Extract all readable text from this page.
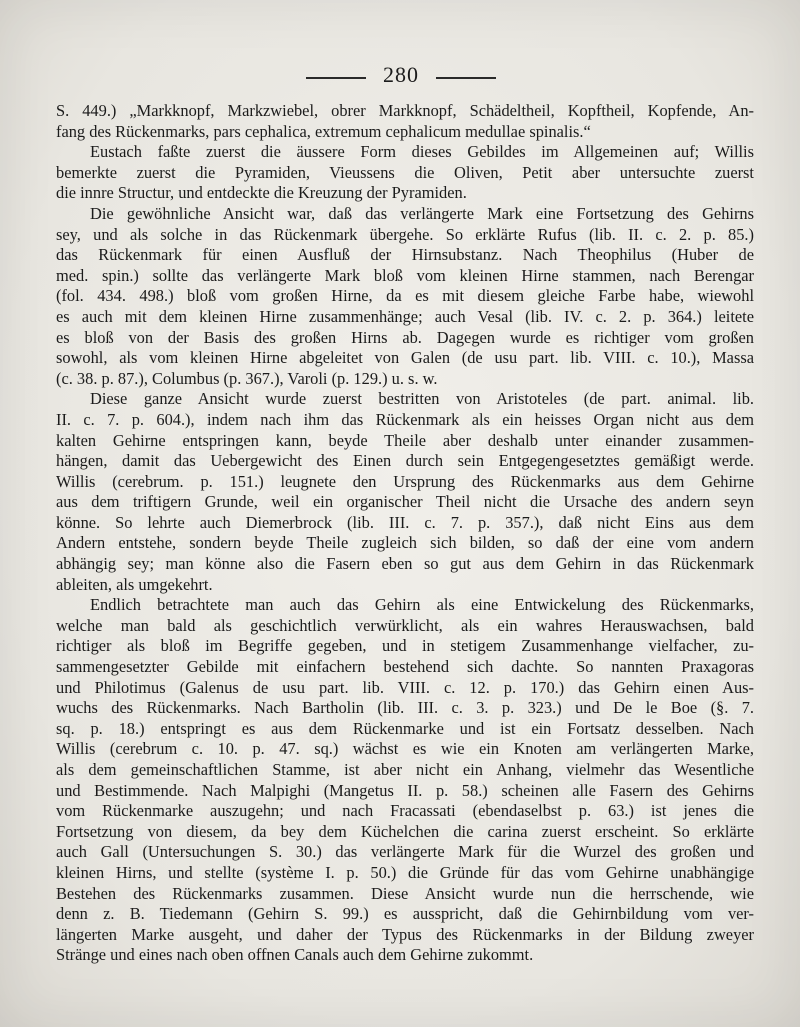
280
S. 449.) „Markknopf, Markzwiebel, obrer Markknopf, Schädeltheil, Kopftheil, Kopfende, An-
fang des Rückenmarks, pars cephalica, extremum cephalicum medullae spinalis.“
Eustach faßte zuerst die äussere Form dieses Gebildes im Allgemeinen auf; Willis
bemerkte zuerst die Pyramiden, Vieussens die Oliven, Petit aber untersuchte zuerst
die innre Structur, und entdeckte die Kreuzung der Pyramiden.
Die gewöhnliche Ansicht war, daß das verlängerte Mark eine Fortsetzung des Gehirns
sey, und als solche in das Rückenmark übergehe. So erklärte Rufus (lib. II. c. 2. p. 85.)
das Rückenmark für einen Ausfluß der Hirnsubstanz. Nach Theophilus (Huber de
med. spin.) sollte das verlängerte Mark bloß vom kleinen Hirne stammen, nach Berengar
(fol. 434. 498.) bloß vom großen Hirne, da es mit diesem gleiche Farbe habe, wiewohl
es auch mit dem kleinen Hirne zusammenhänge; auch Vesal (lib. IV. c. 2. p. 364.) leitete
es bloß von der Basis des großen Hirns ab. Dagegen wurde es richtiger vom großen
sowohl, als vom kleinen Hirne abgeleitet von Galen (de usu part. lib. VIII. c. 10.), Massa
(c. 38. p. 87.), Columbus (p. 367.), Varoli (p. 129.) u. s. w.
Diese ganze Ansicht wurde zuerst bestritten von Aristoteles (de part. animal. lib.
II. c. 7. p. 604.), indem nach ihm das Rückenmark als ein heisses Organ nicht aus dem
kalten Gehirne entspringen kann, beyde Theile aber deshalb unter einander zusammen-
hängen, damit das Uebergewicht des Einen durch sein Entgegengesetztes gemäßigt werde.
Willis (cerebrum. p. 151.) leugnete den Ursprung des Rückenmarks aus dem Gehirne
aus dem triftigern Grunde, weil ein organischer Theil nicht die Ursache des andern seyn
könne. So lehrte auch Diemerbrock (lib. III. c. 7. p. 357.), daß nicht Eins aus dem
Andern entstehe, sondern beyde Theile zugleich sich bilden, so daß der eine vom andern
abhängig sey; man könne also die Fasern eben so gut aus dem Gehirn in das Rückenmark
ableiten, als umgekehrt.
Endlich betrachtete man auch das Gehirn als eine Entwickelung des Rückenmarks,
welche man bald als geschichtlich verwürklicht, als ein wahres Herauswachsen, bald
richtiger als bloß im Begriffe gegeben, und in stetigem Zusammenhange vielfacher, zu-
sammengesetzter Gebilde mit einfachern bestehend sich dachte. So nannten Praxagoras
und Philotimus (Galenus de usu part. lib. VIII. c. 12. p. 170.) das Gehirn einen Aus-
wuchs des Rückenmarks. Nach Bartholin (lib. III. c. 3. p. 323.) und De le Boe (§. 7.
sq. p. 18.) entspringt es aus dem Rückenmarke und ist ein Fortsatz desselben. Nach
Willis (cerebrum c. 10. p. 47. sq.) wächst es wie ein Knoten am verlängerten Marke,
als dem gemeinschaftlichen Stamme, ist aber nicht ein Anhang, vielmehr das Wesentliche
und Bestimmende. Nach Malpighi (Mangetus II. p. 58.) scheinen alle Fasern des Gehirns
vom Rückenmarke auszugehn; und nach Fracassati (ebendaselbst p. 63.) ist jenes die
Fortsetzung von diesem, da bey dem Küchelchen die carina zuerst erscheint. So erklärte
auch Gall (Untersuchungen S. 30.) das verlängerte Mark für die Wurzel des großen und
kleinen Hirns, und stellte (système I. p. 50.) die Gründe für das vom Gehirne unabhängige
Bestehen des Rückenmarks zusammen. Diese Ansicht wurde nun die herrschende, wie
denn z. B. Tiedemann (Gehirn S. 99.) es ausspricht, daß die Gehirnbildung vom ver-
längerten Marke ausgeht, und daher der Typus des Rückenmarks in der Bildung zweyer
Stränge und eines nach oben offnen Canals auch dem Gehirne zukommt.
